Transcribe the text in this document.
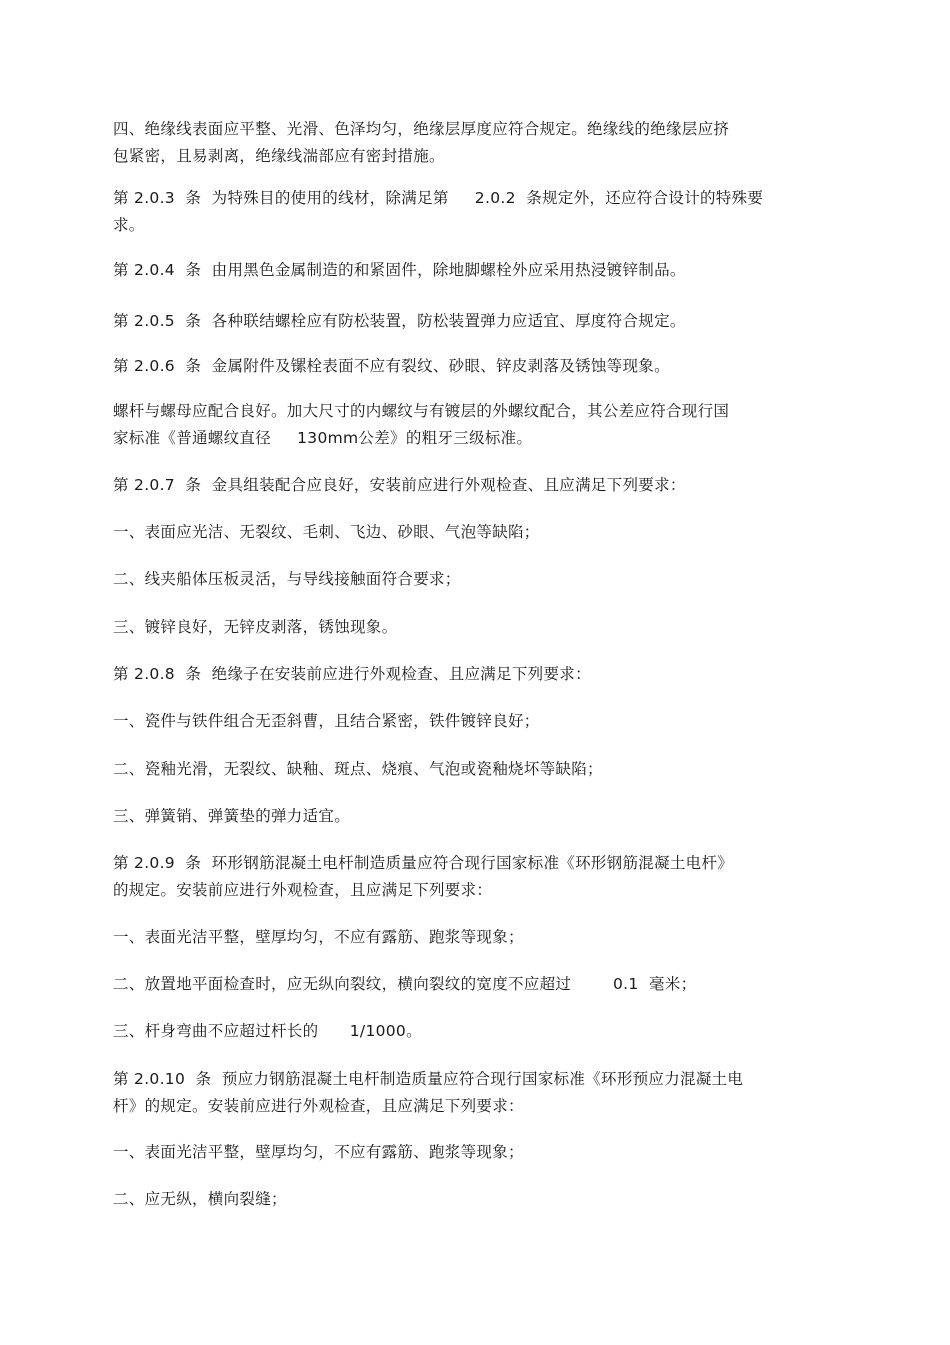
四、绝缘线表面应平整、光滑、色泽均匀，绝缘层厚度应符合规定。绝缘线的绝缘层应挤
包紧密，且易剥离，绝缘线湍部应有密封措施。

第 2.0.3  条  为特殊目的使用的线材，除满足第     2.0.2  条规定外，还应符合设计的特殊要
求。

第 2.0.4  条  由用黑色金属制造的和紧固件，除地脚螺栓外应采用热浸镀锌制品。

第 2.0.5  条  各种联结螺栓应有防松装置，防松装置弹力应适宜、厚度符合规定。

第 2.0.6  条  金属附件及镙栓表面不应有裂纹、砂眼、锌皮剥落及锈蚀等现象。

螺杆与螺母应配合良好。加大尺寸的内螺纹与有镀层的外螺纹配合，其公差应符合现行国
家标准《普通螺纹直径     130mm公差》的粗牙三级标准。

第 2.0.7  条  金具组装配合应良好，安装前应进行外观检查、且应满足下列要求：

一、表面应光洁、无裂纹、毛刺、飞边、砂眼、气泡等缺陷；

二、线夹船体压板灵活，与导线接触面符合要求；

三、镀锌良好，无锌皮剥落，锈蚀现象。

第 2.0.8  条  绝缘子在安装前应进行外观检查、且应满足下列要求：

一、瓷件与铁件组合无歪斜曹，且结合紧密，铁件镀锌良好；

二、瓷釉光滑，无裂纹、缺釉、斑点、烧痕、气泡或瓷釉烧坏等缺陷；

三、弹簧销、弹簧垫的弹力适宜。

第 2.0.9  条  环形钢筋混凝土电杆制造质量应符合现行国家标准《环形钢筋混凝土电杆》
的规定。安装前应进行外观检查，且应满足下列要求：

一、表面光洁平整，壁厚均匀，不应有露筋、跑浆等现象；

二、放置地平面检查时，应无纵向裂纹，横向裂纹的宽度不应超过        0.1  毫米；

三、杆身弯曲不应超过杆长的      1/1000。

第 2.0.10  条  预应力钢筋混凝土电杆制造质量应符合现行国家标准《环形预应力混凝土电
杆》的规定。安装前应进行外观检查，且应满足下列要求：

一、表面光洁平整，壁厚均匀，不应有露筋、跑浆等现象；

二、应无纵，横向裂缝；
